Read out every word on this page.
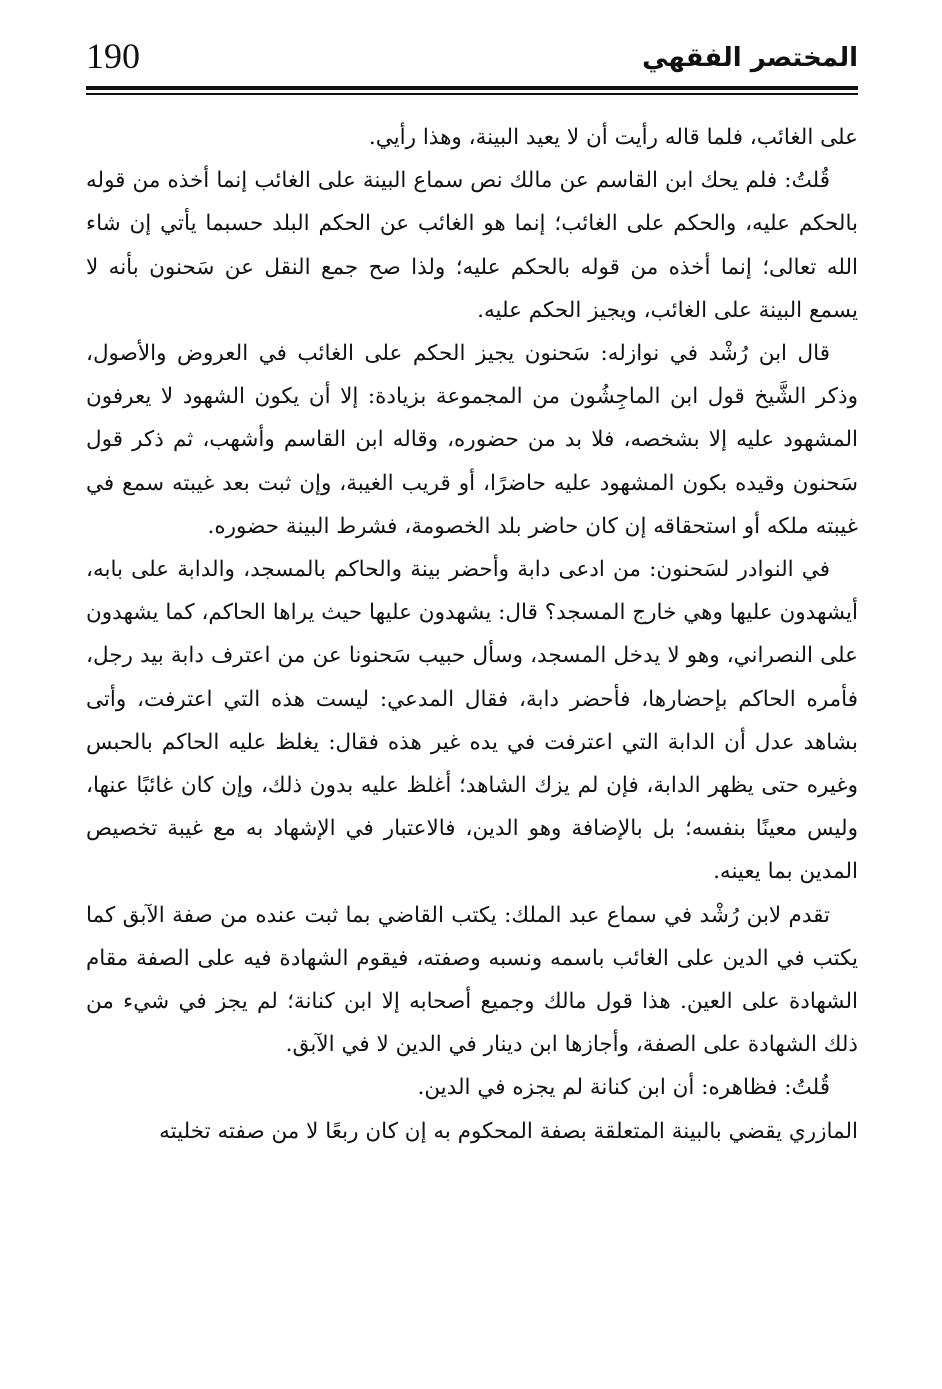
190	المختصر الفقهي

على الغائب، فلما قاله رأيت أن لا يعيد البينة، وهذا رأيي.

قُلتُ: فلم يحك ابن القاسم عن مالك نص سماع البينة على الغائب إنما أخذه من قوله بالحكم عليه، والحكم على الغائب؛ إنما هو الغائب عن الحكم البلد حسبما يأتي إن شاء الله تعالى؛ إنما أخذه من قوله بالحكم عليه؛ ولذا صح جمع النقل عن سَحنون بأنه لا يسمع البينة على الغائب، ويجيز الحكم عليه.

قال ابن رُشْد في نوازله: سَحنون يجيز الحكم على الغائب في العروض والأصول، وذكر الشَّيخ قول ابن الماجِشُون من المجموعة بزيادة: إلا أن يكون الشهود لا يعرفون المشهود عليه إلا بشخصه، فلا بد من حضوره، وقاله ابن القاسم وأشهب، ثم ذكر قول سَحنون وقيده بكون المشهود عليه حاضرًا، أو قريب الغيبة، وإن ثبت بعد غيبته سمع في غيبته ملكه أو استحقاقه إن كان حاضر بلد الخصومة، فشرط البينة حضوره.

في النوادر لسَحنون: من ادعى دابة وأحضر بينة والحاكم بالمسجد، والدابة على بابه، أيشهدون عليها وهي خارج المسجد؟ قال: يشهدون عليها حيث يراها الحاكم، كما يشهدون على النصراني، وهو لا يدخل المسجد، وسأل حبيب سَحنونا عن من اعترف دابة بيد رجل، فأمره الحاكم بإحضارها، فأحضر دابة، فقال المدعي: ليست هذه التي اعترفت، وأتى بشاهد عدل أن الدابة التي اعترفت في يده غير هذه فقال: يغلظ عليه الحاكم بالحبس وغيره حتى يظهر الدابة، فإن لم يزك الشاهد؛ أغلظ عليه بدون ذلك، وإن كان غائبًا عنها، وليس معينًا بنفسه؛ بل بالإضافة وهو الدين، فالاعتبار في الإشهاد به مع غيبة تخصيص المدين بما يعينه.

تقدم لابن رُشْد في سماع عبد الملك: يكتب القاضي بما ثبت عنده من صفة الآبق كما يكتب في الدين على الغائب باسمه ونسبه وصفته، فيقوم الشهادة فيه على الصفة مقام الشهادة على العين. هذا قول مالك وجميع أصحابه إلا ابن كنانة؛ لم يجز في شيء من ذلك الشهادة على الصفة، وأجازها ابن دينار في الدين لا في الآبق.

قُلتُ: فظاهره: أن ابن كنانة لم يجزه في الدين.

المازري يقضي بالبينة المتعلقة بصفة المحكوم به إن كان ربعًا لا من صفته تخليته
